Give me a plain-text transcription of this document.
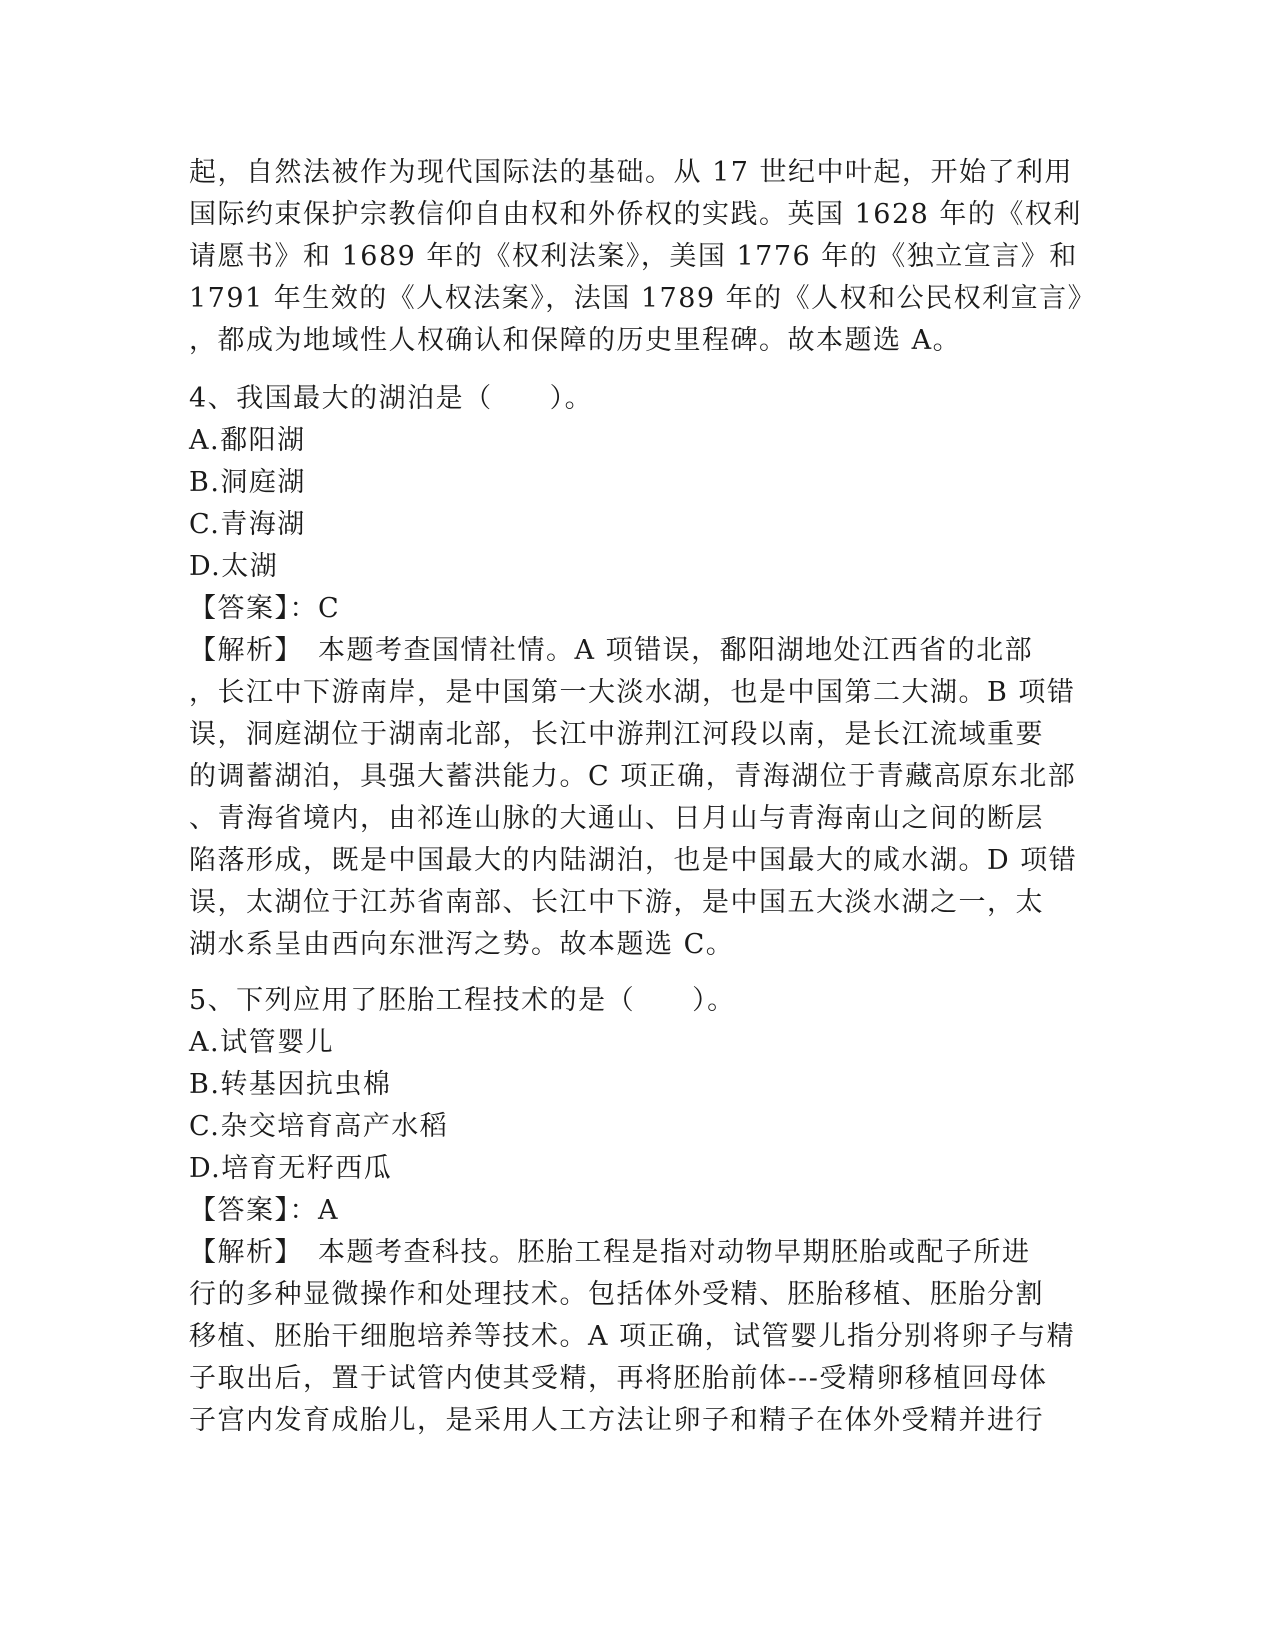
起，自然法被作为现代国际法的基础。从 17 世纪中叶起，开始了利用

国际约束保护宗教信仰自由权和外侨权的实践。英国 1628 年的《权利

请愿书》和 1689 年的《权利法案》，美国 1776 年的《独立宣言》和

1791 年生效的《人权法案》，法国 1789 年的《人权和公民权利宣言》

，都成为地域性人权确认和保障的历史里程碑。故本题选 A。

4、我国最大的湖泊是（　　）。

A.鄱阳湖

B.洞庭湖

C.青海湖

D.太湖

【答案】：C

【解析】　本题考查国情社情。A 项错误，鄱阳湖地处江西省的北部

，长江中下游南岸，是中国第一大淡水湖，也是中国第二大湖。B 项错

误，洞庭湖位于湖南北部，长江中游荆江河段以南，是长江流域重要

的调蓄湖泊，具强大蓄洪能力。C 项正确，青海湖位于青藏高原东北部

、青海省境内，由祁连山脉的大通山、日月山与青海南山之间的断层

陷落形成，既是中国最大的内陆湖泊，也是中国最大的咸水湖。D 项错

误，太湖位于江苏省南部、长江中下游，是中国五大淡水湖之一，太

湖水系呈由西向东泄泻之势。故本题选 C。

5、下列应用了胚胎工程技术的是（　　）。

A.试管婴儿

B.转基因抗虫棉

C.杂交培育高产水稻

D.培育无籽西瓜

【答案】：A

【解析】　本题考查科技。胚胎工程是指对动物早期胚胎或配子所进

行的多种显微操作和处理技术。包括体外受精、胚胎移植、胚胎分割

移植、胚胎干细胞培养等技术。A 项正确，试管婴儿指分别将卵子与精

子取出后，置于试管内使其受精，再将胚胎前体---受精卵移植回母体

子宫内发育成胎儿，是采用人工方法让卵子和精子在体外受精并进行
